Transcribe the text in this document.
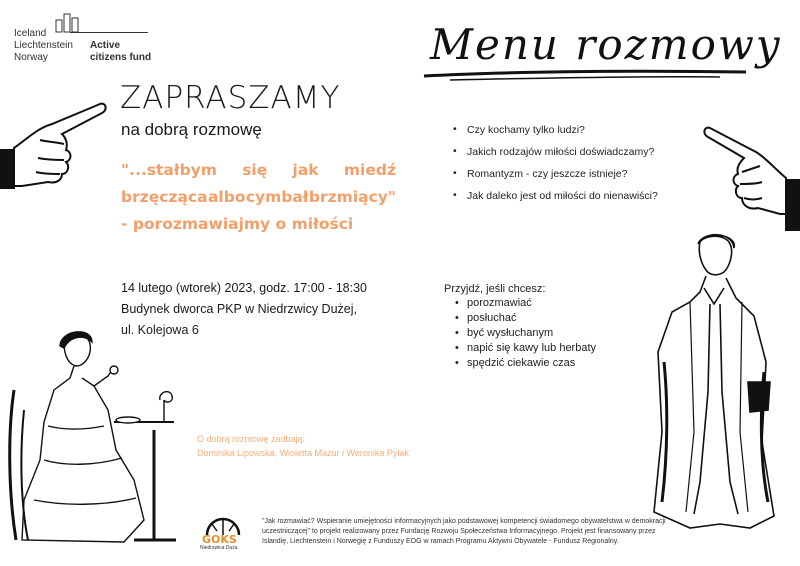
Iceland
Liechtenstein
Norway
Active
citizens fund
ZAPRASZAMY
na dobrą rozmowę
"...stałbym się jak miedź
brzęcząca albo cymbał brzmiący"
- porozmawiajmy o miłości
14 lutego (wtorek) 2023, godz. 17:00 - 18:30
Budynek dworca PKP w Niedrzwicy Dużej,
ul. Kolejowa 6
Menu rozmowy
• Czy kochamy tylko ludzi?
• Jakich rodzajów miłości doświadczamy?
• Romantyzm - czy jeszcze istnieje?
• Jak daleko jest od miłości do nienawiści?
Przyjdź, jeśli chcesz:
• porozmawiać
• posłuchać
• być wysłuchanym
• napić się kawy lub herbaty
• spędzić ciekawie czas
O dobrą rozmowę zadbają:
Dominika Lipowska, Wioletta Mazur i Weronika Pylak
GOKS
Niedrzwica Duża
"Jak rozmawiać? Wspieranie umiejętności informacyjnych jako podstawowej kompetencji świadomego obywatelstwa w demokracji uczestniczącej" to projekt realizowany przez Fundację Rozwoju Społeczeństwa Informacyjnego. Projekt jest finansowany przez Islandię, Liechtenstein i Norwegię z Funduszy EOG w ramach Programu Aktywni Obywatele - Fundusz Regionalny.
